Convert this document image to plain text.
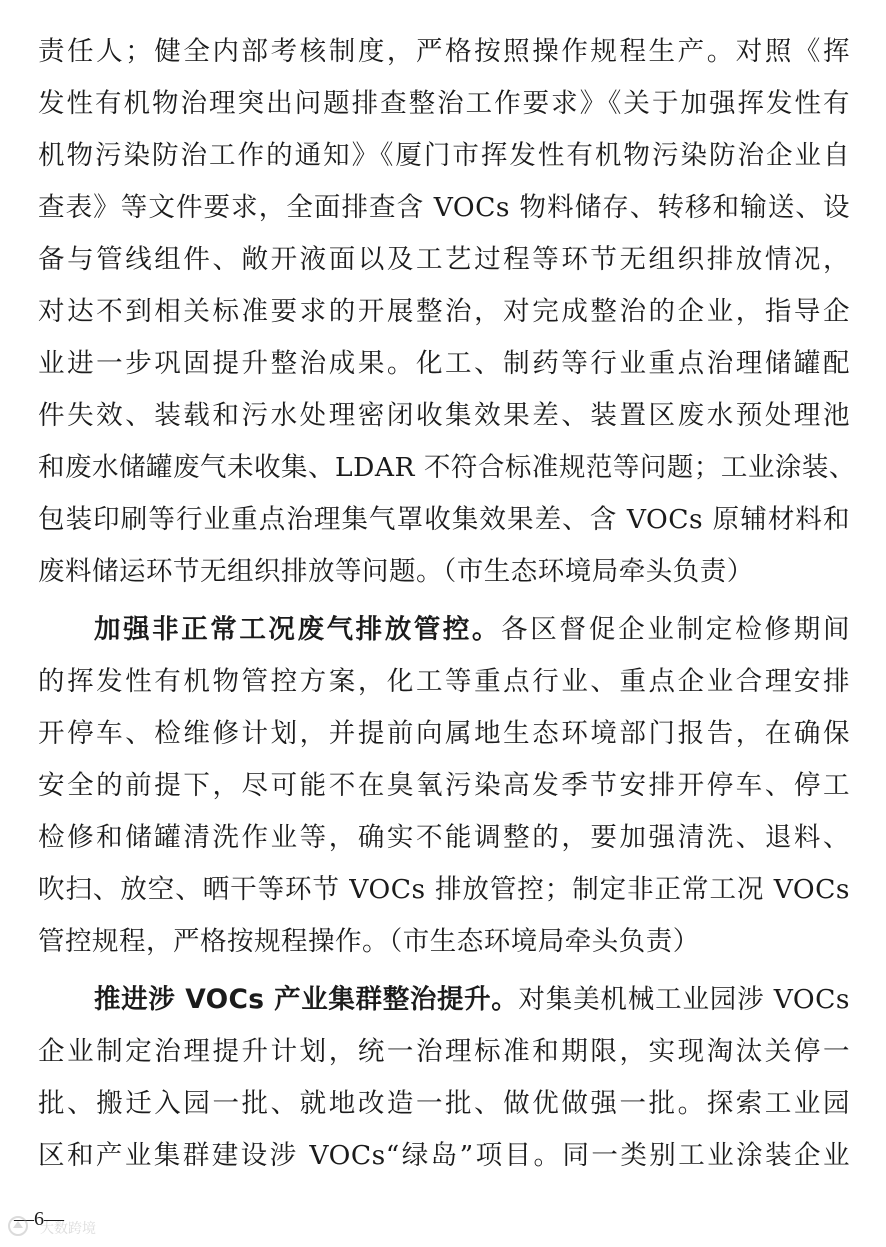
责任人；健全内部考核制度，严格按照操作规程生产。对照《挥
发性有机物治理突出问题排查整治工作要求》《关于加强挥发性有
机物污染防治工作的通知》《厦门市挥发性有机物污染防治企业自
查表》等文件要求，全面排查含 VOCs 物料储存、转移和输送、设
备与管线组件、敞开液面以及工艺过程等环节无组织排放情况，
对达不到相关标准要求的开展整治，对完成整治的企业，指导企
业进一步巩固提升整治成果。化工、制药等行业重点治理储罐配
件失效、装载和污水处理密闭收集效果差、装置区废水预处理池
和废水储罐废气未收集、LDAR 不符合标准规范等问题；工业涂装、
包装印刷等行业重点治理集气罩收集效果差、含 VOCs 原辅材料和
废料储运环节无组织排放等问题。（市生态环境局牵头负责）
加强非正常工况废气排放管控。各区督促企业制定检修期间
的挥发性有机物管控方案，化工等重点行业、重点企业合理安排
开停车、检维修计划，并提前向属地生态环境部门报告，在确保
安全的前提下，尽可能不在臭氧污染高发季节安排开停车、停工
检修和储罐清洗作业等，确实不能调整的，要加强清洗、退料、
吹扫、放空、晒干等环节 VOCs 排放管控；制定非正常工况 VOCs
管控规程，严格按规程操作。（市生态环境局牵头负责）
推进涉 VOCs 产业集群整治提升。对集美机械工业园涉 VOCs
企业制定治理提升计划，统一治理标准和期限，实现淘汰关停一
批、搬迁入园一批、就地改造一批、做优做强一批。探索工业园
区和产业集群建设涉 VOCs“绿岛”项目。同一类别工业涂装企业
—6—
大数跨境
